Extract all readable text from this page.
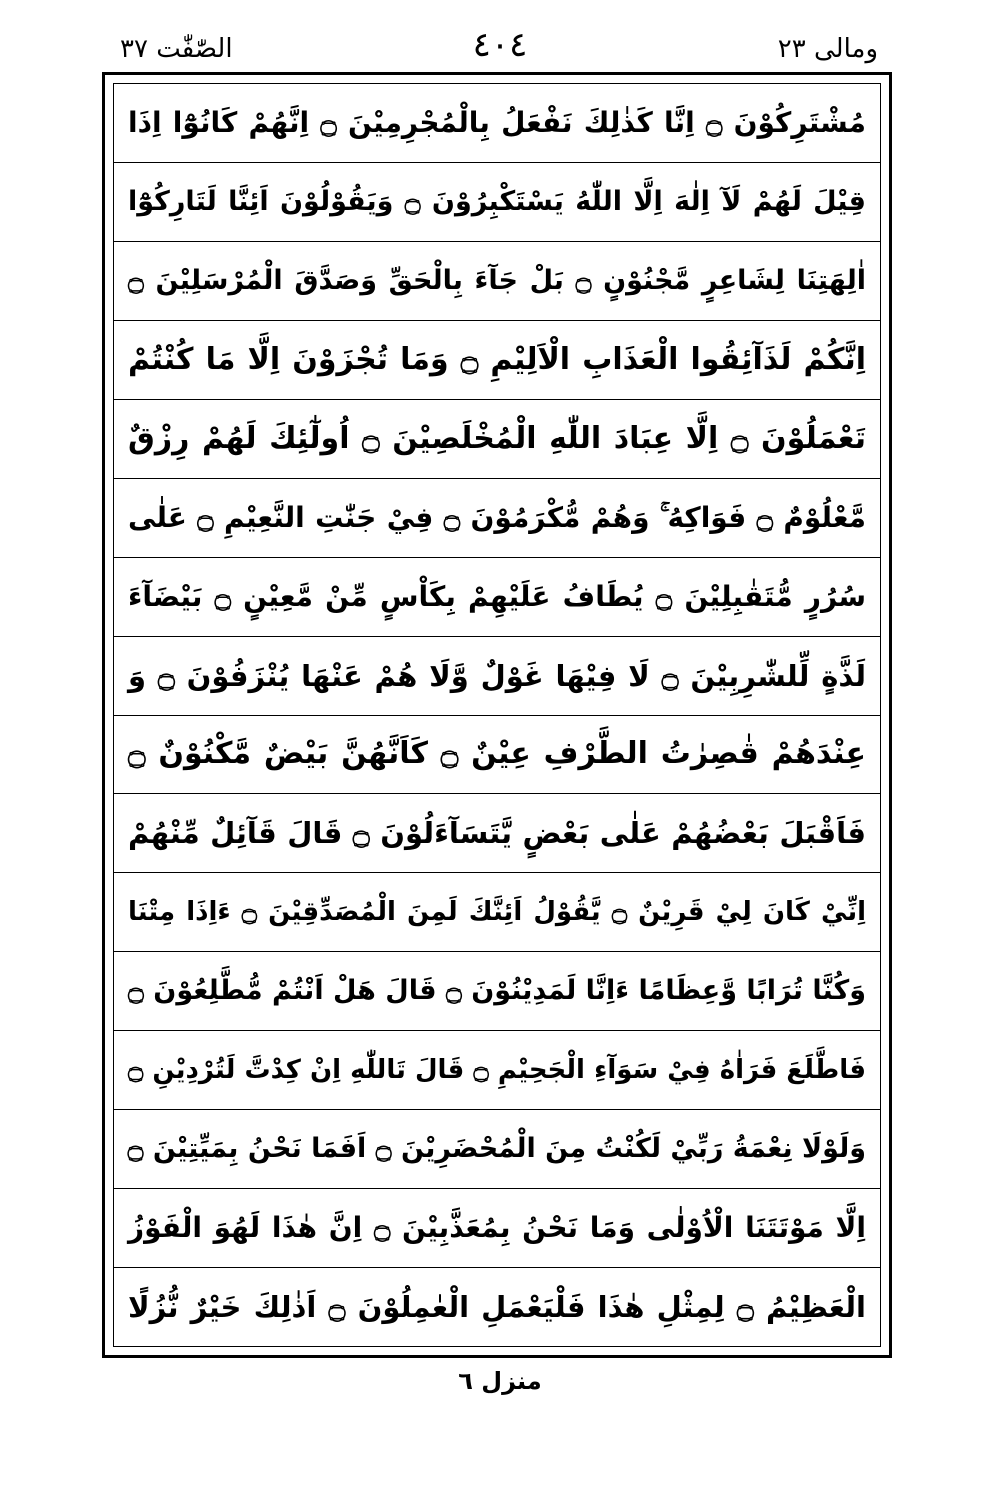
الصّٰفّٰت ٣٧	٤٠٤	ومالی ٢٣
مُشْتَرِكُوْنَ ۝ اِنَّا كَذٰلِكَ نَفْعَلُ بِالْمُجْرِمِيْنَ ۝ اِنَّهُمْ كَانُوْٓا اِذَا
قِيْلَ لَهُمْ لَآ اِلٰهَ اِلَّا اللّٰهُ يَسْتَكْبِرُوْنَ ۝ وَيَقُوْلُوْنَ اَئِنَّا لَتَارِكُوْٓا
اٰلِهَتِنَا لِشَاعِرٍ مَّجْنُوْنٍ ۝ بَلْ جَآءَ بِالْحَقِّ وَصَدَّقَ الْمُرْسَلِيْنَ ۝
اِنَّكُمْ لَذَآئِقُوا الْعَذَابِ الْاَلِيْمِ ۝ وَمَا تُجْزَوْنَ اِلَّا مَا كُنْتُمْ
تَعْمَلُوْنَ ۝ اِلَّا عِبَادَ اللّٰهِ الْمُخْلَصِيْنَ ۝ اُولٰٓئِكَ لَهُمْ رِزْقٌ
مَّعْلُوْمٌ ۝ فَوَاكِهُ ۚ وَهُمْ مُّكْرَمُوْنَ ۝ فِيْ جَنّٰتِ النَّعِيْمِ ۝ عَلٰى
سُرُرٍ مُّتَقٰبِلِيْنَ ۝ يُطَافُ عَلَيْهِمْ بِكَاْسٍ مِّنْ مَّعِيْنٍ ۝ بَيْضَآءَ
لَذَّةٍ لِّلشّٰرِبِيْنَ ۝ لَا فِيْهَا غَوْلٌ وَّلَا هُمْ عَنْهَا يُنْزَفُوْنَ ۝ وَ
عِنْدَهُمْ قٰصِرٰتُ الطَّرْفِ عِيْنٌ ۝ كَاَنَّهُنَّ بَيْضٌ مَّكْنُوْنٌ ۝
فَاَقْبَلَ بَعْضُهُمْ عَلٰى بَعْضٍ يَّتَسَآءَلُوْنَ ۝ قَالَ قَآئِلٌ مِّنْهُمْ
اِنِّيْ كَانَ لِيْ قَرِيْنٌ ۝ يَّقُوْلُ اَئِنَّكَ لَمِنَ الْمُصَدِّقِيْنَ ۝ ءَاِذَا مِتْنَا
وَكُنَّا تُرَابًا وَّعِظَامًا ءَاِنَّا لَمَدِيْنُوْنَ ۝ قَالَ هَلْ اَنْتُمْ مُّطَّلِعُوْنَ ۝
فَاطَّلَعَ فَرَاٰهُ فِيْ سَوَآءِ الْجَحِيْمِ ۝ قَالَ تَاللّٰهِ اِنْ كِدْتَّ لَتُرْدِيْنِ ۝
وَلَوْلَا نِعْمَةُ رَبِّيْ لَكُنْتُ مِنَ الْمُحْضَرِيْنَ ۝ اَفَمَا نَحْنُ بِمَيِّتِيْنَ ۝
اِلَّا مَوْتَتَنَا الْاُوْلٰى وَمَا نَحْنُ بِمُعَذَّبِيْنَ ۝ اِنَّ هٰذَا لَهُوَ الْفَوْزُ
الْعَظِيْمُ ۝ لِمِثْلِ هٰذَا فَلْيَعْمَلِ الْعٰمِلُوْنَ ۝ اَذٰلِكَ خَيْرٌ نُّزُلًا
منزل ٦
